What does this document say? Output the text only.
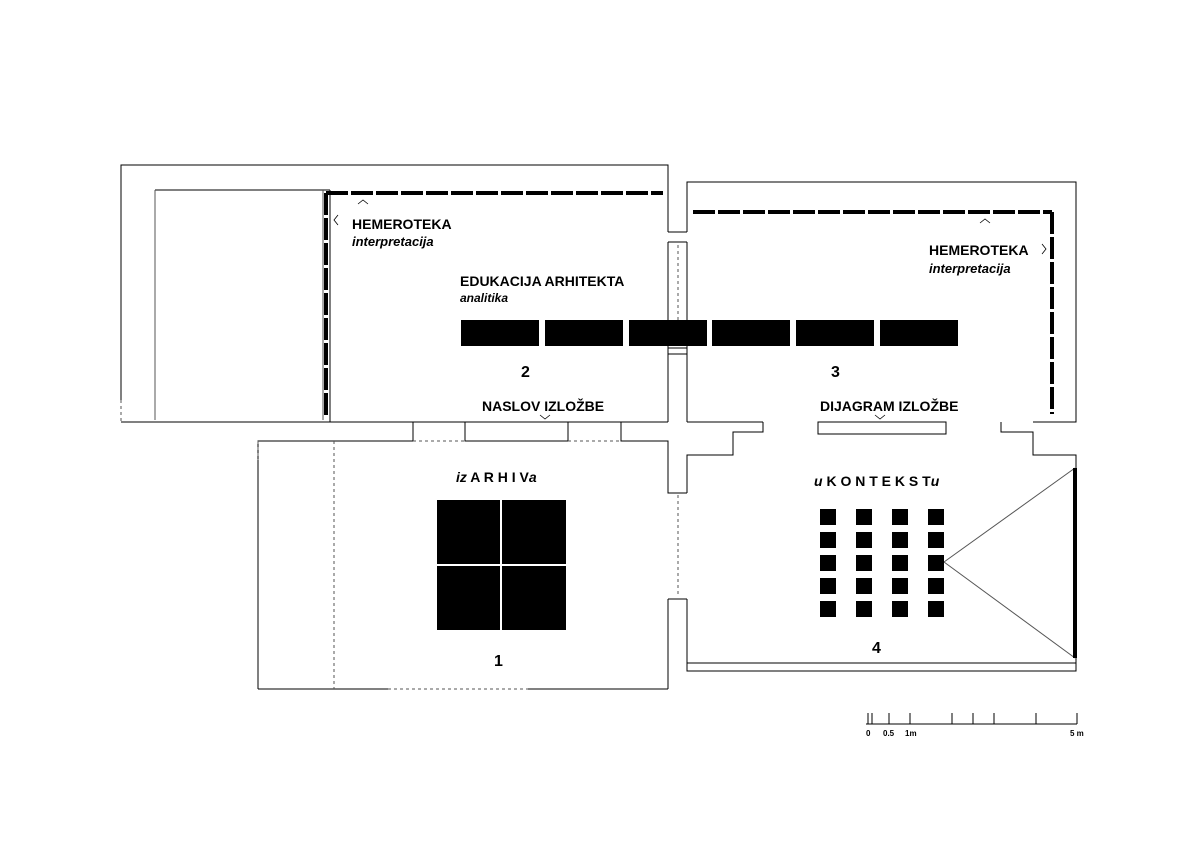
HEMEROTEKA
interpretacija
HEMEROTEKA
interpretacija
EDUKACIJA ARHITEKTA
analitika
NASLOV IZLOŽBE	DIJAGRAM IZLOŽBE
iz A R H I Va	u K O N T E K S Tu
1
2	3
4
0 0.5 1m	5 m
